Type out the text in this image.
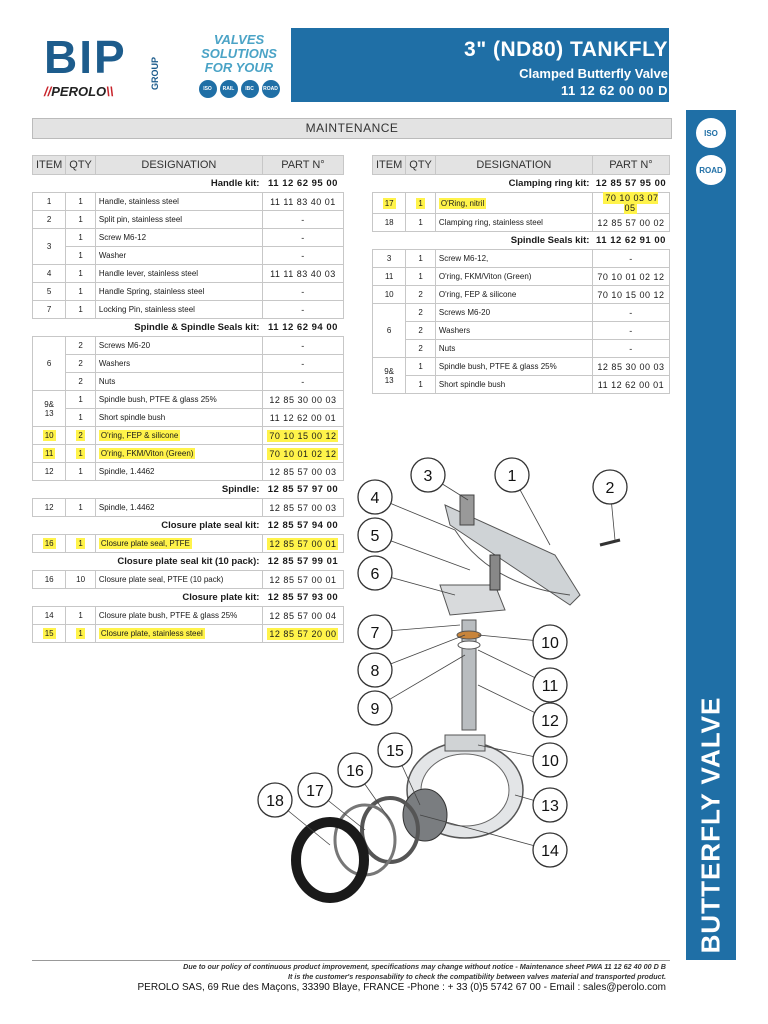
BIP	GROUP
//PEROLO\\
VALVES
SOLUTIONS
FOR YOUR
ISO	RAIL	IBC	ROAD
3" (ND80) TANKFLY
Clamped Butterfly Valve
11 12 62 00 00 D
ISO
ROAD
BUTTERFLY VALVE
MAINTENANCE
ITEM	QTY	DESIGNATION	PART N°
Handle kit:			11 12 62 95 00
1	1	Handle, stainless steel	11 11 83 40 01
2	1	Split pin, stainless steel	-
3	1	Screw M6-12	-
	1	Washer	-
4	1	Handle lever, stainless steel	11 11 83 40 03
5	1	Handle Spring, stainless steel	-
7	1	Locking Pin, stainless steel	-
Spindle & Spindle Seals kit:			11 12 62 94 00
6	2	Screws M6-20	-
	2	Washers	-
	2	Nuts	-
9&
13	1	Spindle bush, PTFE & glass 25%	12 85 30 00 03
	1	Short spindle bush	11 12 62 00 01
10	2	O'ring, FEP & silicone	70 10 15 00 12
11	1	O'ring, FKM/Viton (Green)	70 10 01 02 12
12	1	Spindle, 1.4462	12 85 57 00 03
Spindle:			12 85 57 97 00
12	1	Spindle, 1.4462	12 85 57 00 03
Closure plate seal kit:			12 85 57 94 00
16	1	Closure plate seal, PTFE	12 85 57 00 01
Closure plate seal kit (10 pack):			12 85 57 99 01
16	10	Closure plate seal, PTFE (10 pack)	12 85 57 00 01
Closure plate kit:			12 85 57 93 00
14	1	Closure plate bush, PTFE & glass 25%	12 85 57 00 04
15	1	Closure plate, stainless steel	12 85 57 20 00
ITEM	QTY	DESIGNATION	PART N°
Clamping ring kit:			12 85 57 95 00
17	1	O'Ring, nitril	70 10 03 07 05
18	1	Clamping ring, stainless steel	12 85 57 00 02
Spindle Seals kit:			11 12 62 91 00
3	1	Screw M6-12,	-
11	1	O'ring, FKM/Viton (Green)	70 10 01 02 12
10	2	O'ring, FEP & silicone	70 10 15 00 12
6	2	Screws M6-20	-
	2	Washers	-
	2	Nuts	-
9&
13	1	Spindle bush, PTFE & glass 25%	12 85 30 00 03
	1	Short spindle bush	11 12 62 00 01
1
2
3
4
5
6
7
8
9
10
11
12
10
13
14
15
16
17
18
Due to our policy of continuous product improvement, specifications may change without notice - Maintenance sheet PWA 11 12 62 40 00 D B
It is the customer's responsability to check the compatibility between valves material and transported product.
PEROLO SAS, 69 Rue des Maçons, 33390 Blaye, FRANCE -Phone : + 33 (0)5 5742 67 00 - Email : sales@perolo.com
